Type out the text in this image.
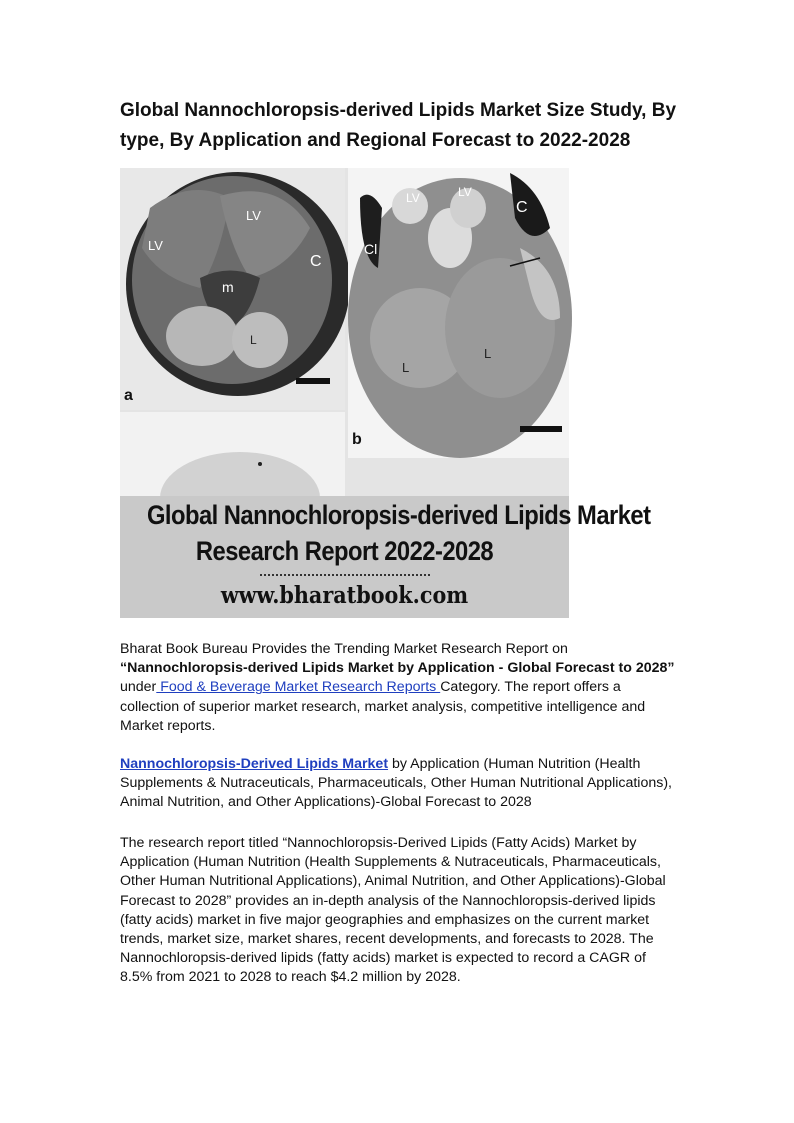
Global Nannochloropsis-derived Lipids Market Size Study, By type, By Application and Regional Forecast to 2022-2028
LV
LV
C
m
L
a
LV	LV
C
Cl
L
L
b
Global Nannochloropsis-derived Lipids Market
Research Report 2022-2028
www.bharatbook.com

Bharat Book Bureau Provides the Trending Market Research Report on
“Nannochloropsis-derived Lipids Market by Application - Global Forecast to 2028”
under Food & Beverage Market Research Reports Category. The report offers a collection of superior market research, market analysis, competitive intelligence and Market reports.

Nannochloropsis-Derived Lipids Market by Application (Human Nutrition (Health Supplements & Nutraceuticals, Pharmaceuticals, Other Human Nutritional Applications), Animal Nutrition, and Other Applications)-Global Forecast to 2028

The research report titled “Nannochloropsis-Derived Lipids (Fatty Acids) Market by Application (Human Nutrition (Health Supplements & Nutraceuticals, Pharmaceuticals, Other Human Nutritional Applications), Animal Nutrition, and Other Applications)-Global Forecast to 2028” provides an in-depth analysis of the Nannochloropsis-derived lipids (fatty acids) market in five major geographies and emphasizes on the current market trends, market size, market shares, recent developments, and forecasts to 2028. The Nannochloropsis-derived lipids (fatty acids) market is expected to record a CAGR of 8.5% from 2021 to 2028 to reach $4.2 million by 2028.
